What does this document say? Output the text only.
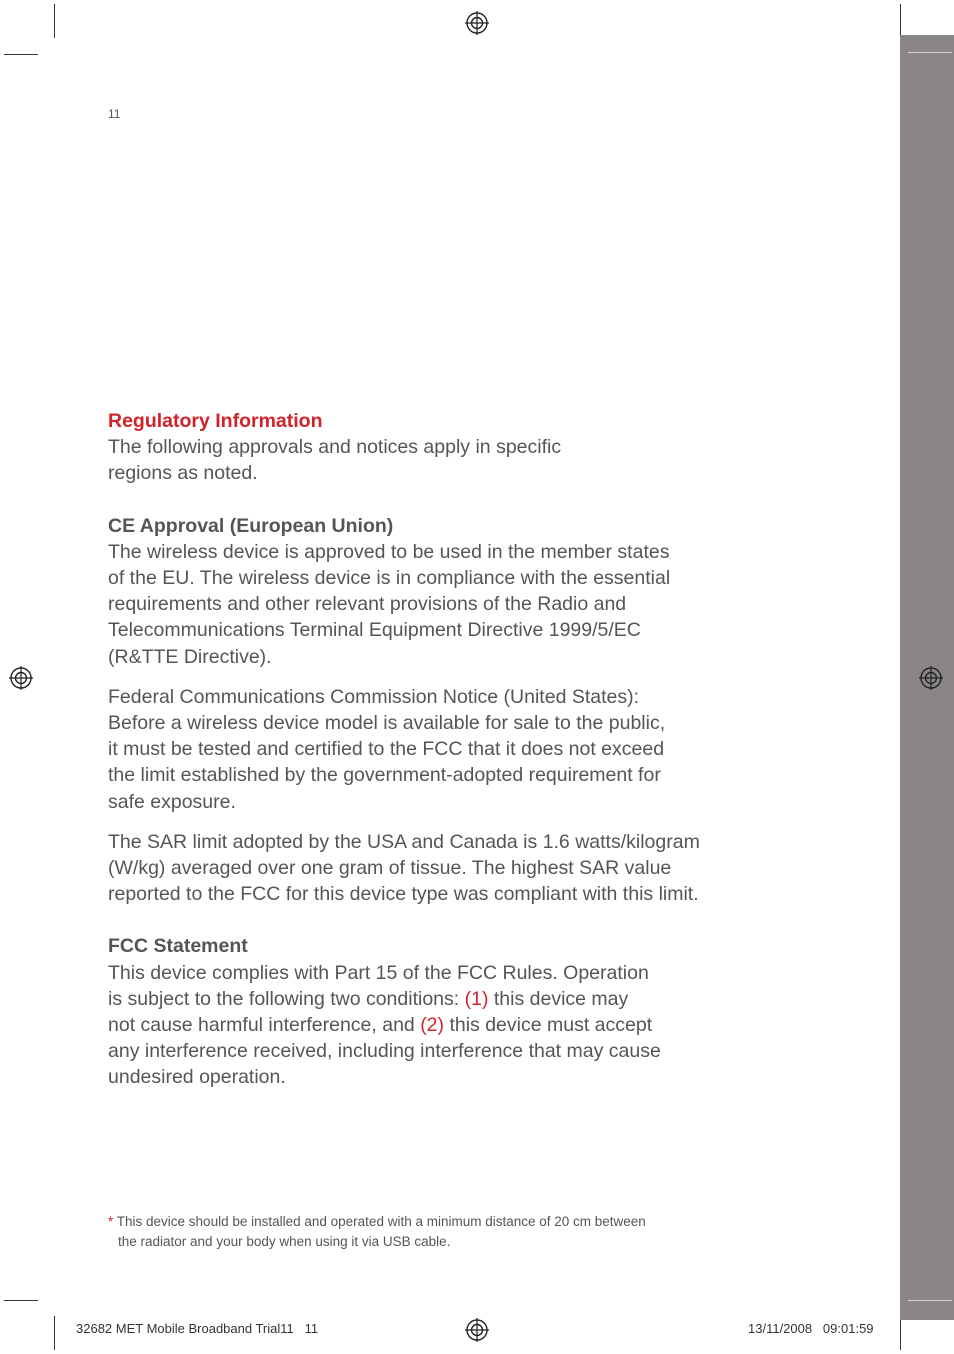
11
Regulatory Information
The following approvals and notices apply in specific
regions as noted.
CE Approval (European Union)
The wireless device is approved to be used in the member states
of the EU. The wireless device is in compliance with the essential
requirements and other relevant provisions of the Radio and
Telecommunications Terminal Equipment Directive 1999/5/EC
(R&TTE Directive).
Federal Communications Commission Notice (United States):
Before a wireless device model is available for sale to the public,
it must be tested and certified to the FCC that it does not exceed
the limit established by the government-adopted requirement for
safe exposure.
The SAR limit adopted by the USA and Canada is 1.6 watts/kilogram
(W/kg) averaged over one gram of tissue. The highest SAR value
reported to the FCC for this device type was compliant with this limit.
FCC Statement
This device complies with Part 15 of the FCC Rules. Operation
is subject to the following two conditions: (1) this device may
not cause harmful interference, and (2) this device must accept
any interference received, including interference that may cause
undesired operation.
* This device should be installed and operated with a minimum distance of 20 cm between
the radiator and your body when using it via USB cable.
32682 MET Mobile Broadband Trial11   11	13/11/2008   09:01:59
